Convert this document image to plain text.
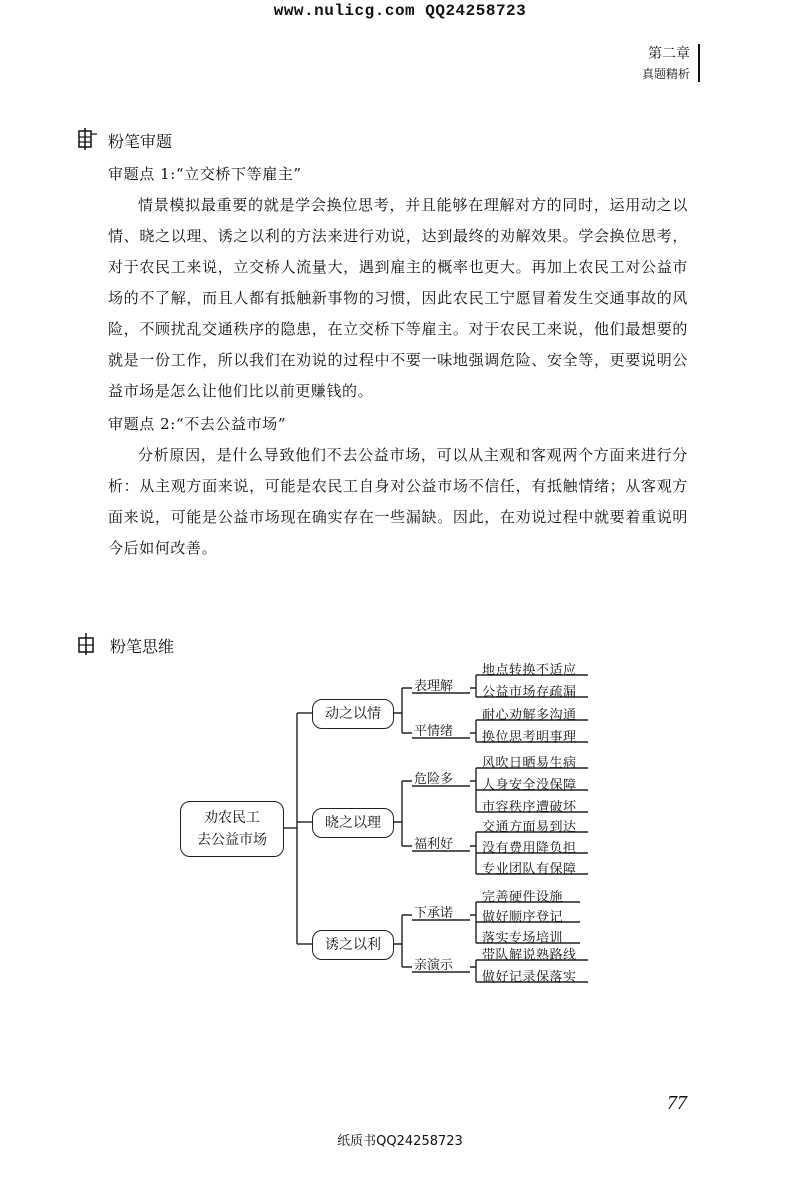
www.nulicg.com QQ24258723
第二章
真题精析
粉笔审题

审题点 1:“立交桥下等雇主”

情景模拟最重要的就是学会换位思考，并且能够在理解对方的同时，运用动之以情、晓之以理、诱之以利的方法来进行劝说，达到最终的劝解效果。学会换位思考，对于农民工来说，立交桥人流量大，遇到雇主的概率也更大。再加上农民工对公益市场的不了解，而且人都有抵触新事物的习惯，因此农民工宁愿冒着发生交通事故的风险，不顾扰乱交通秩序的隐患，在立交桥下等雇主。对于农民工来说，他们最想要的就是一份工作，所以我们在劝说的过程中不要一味地强调危险、安全等，更要说明公益市场是怎么让他们比以前更赚钱的。

审题点 2:“不去公益市场”

分析原因，是什么导致他们不去公益市场，可以从主观和客观两个方面来进行分析：从主观方面来说，可能是农民工自身对公益市场不信任，有抵触情绪；从客观方面来说，可能是公益市场现在确实存在一些漏缺。因此，在劝说过程中就要着重说明今后如何改善。

粉笔思维
劝农民工
去公益市场
动之以情
晓之以理
诱之以利
表理解
平情绪
危险多
福利好
下承诺
亲演示
地点转换不适应
公益市场存疏漏
耐心劝解多沟通
换位思考明事理
风吹日晒易生病
人身安全没保障
市容秩序遭破坏
交通方面易到达
没有费用降负担
专业团队有保障
完善硬件设施
做好顺序登记
落实专场培训
带队解说熟路线
做好记录保落实
77
纸质书QQ24258723
